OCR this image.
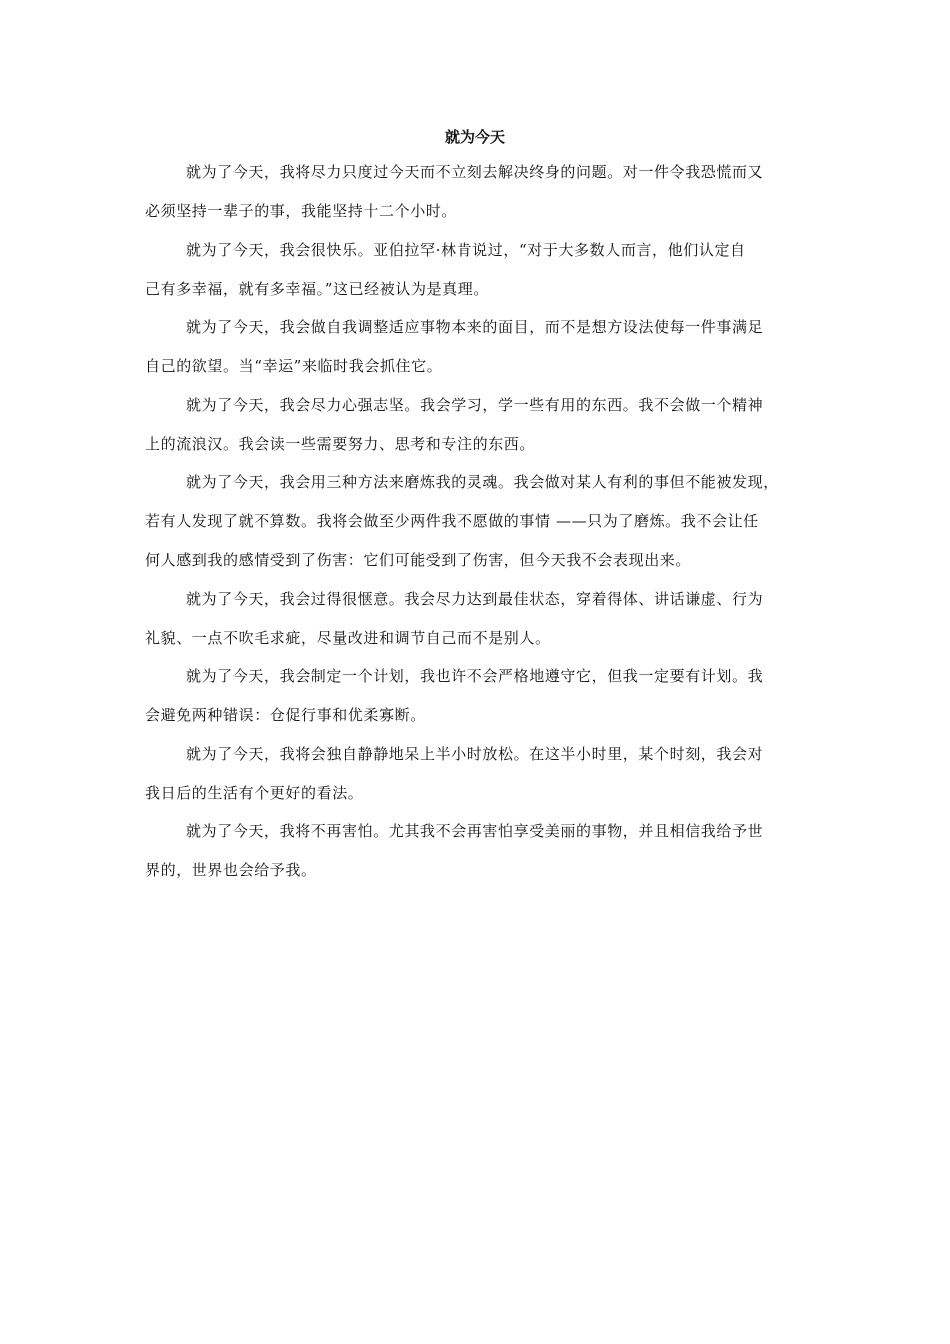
就为今天
就为了今天，我将尽力只度过今天而不立刻去解决终身的问题。对一件令我恐慌而又
必须坚持一辈子的事，我能坚持十二个小时。
就为了今天，我会很快乐。亚伯拉罕·林肯说过，“对于大多数人而言，他们认定自
己有多幸福，就有多幸福。”这已经被认为是真理。
就为了今天，我会做自我调整适应事物本来的面目，而不是想方设法使每一件事满足
自己的欲望。当“幸运”来临时我会抓住它。
就为了今天，我会尽力心强志坚。我会学习，学一些有用的东西。我不会做一个精神
上的流浪汉。我会读一些需要努力、思考和专注的东西。
就为了今天，我会用三种方法来磨炼我的灵魂。我会做对某人有利的事但不能被发现，
若有人发现了就不算数。我将会做至少两件我不愿做的事情 ——只为了磨炼。我不会让任
何人感到我的感情受到了伤害：它们可能受到了伤害，但今天我不会表现出来。
就为了今天，我会过得很惬意。我会尽力达到最佳状态，穿着得体、讲话谦虚、行为
礼貌、一点不吹毛求疵，尽量改进和调节自己而不是别人。
就为了今天，我会制定一个计划，我也许不会严格地遵守它，但我一定要有计划。我
会避免两种错误：仓促行事和优柔寡断。
就为了今天，我将会独自静静地呆上半小时放松。在这半小时里，某个时刻，我会对
我日后的生活有个更好的看法。
就为了今天，我将不再害怕。尤其我不会再害怕享受美丽的事物，并且相信我给予世
界的，世界也会给予我。
